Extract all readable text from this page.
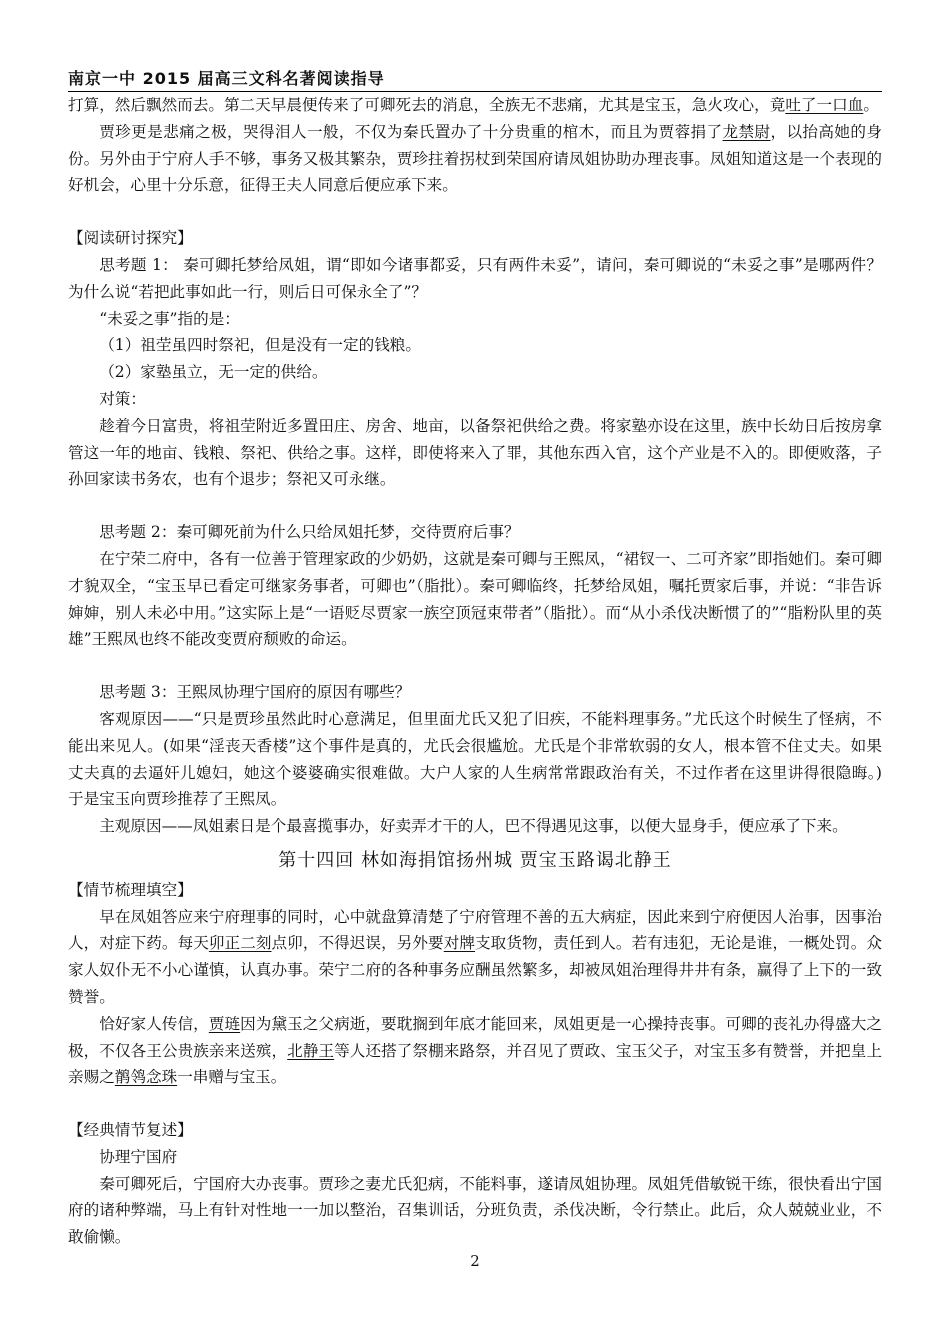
南京一中 2015 届高三文科名著阅读指导

打算，然后飘然而去。第二天早晨便传来了可卿死去的消息，全族无不悲痛，尤其是宝玉，急火攻心，竟吐了一口血。

贾珍更是悲痛之极，哭得泪人一般，不仅为秦氏置办了十分贵重的棺木，而且为贾蓉捐了龙禁尉，以抬高她的身份。另外由于宁府人手不够，事务又极其繁杂，贾珍拄着拐杖到荣国府请凤姐协助办理丧事。凤姐知道这是一个表现的好机会，心里十分乐意，征得王夫人同意后便应承下来。

【阅读研讨探究】

思考题 1： 秦可卿托梦给凤姐，谓“即如今诸事都妥，只有两件未妥”，请问，秦可卿说的“未妥之事”是哪两件？为什么说“若把此事如此一行，则后日可保永全了”？

“未妥之事”指的是：

（1）祖茔虽四时祭祀，但是没有一定的钱粮。

（2）家塾虽立，无一定的供给。

对策：

趁着今日富贵，将祖茔附近多置田庄、房舍、地亩，以备祭祀供给之费。将家塾亦设在这里，族中长幼日后按房拿管这一年的地亩、钱粮、祭祀、供给之事。这样，即使将来入了罪，其他东西入官，这个产业是不入的。即便败落，子孙回家读书务农，也有个退步；祭祀又可永继。

思考题 2：秦可卿死前为什么只给凤姐托梦，交待贾府后事？

在宁荣二府中，各有一位善于管理家政的少奶奶，这就是秦可卿与王熙凤，“裙钗一、二可齐家”即指她们。秦可卿才貌双全，“宝玉早已看定可继家务事者，可卿也”（脂批）。秦可卿临终，托梦给凤姐，嘱托贾家后事，并说：“非告诉婶婶，别人未必中用。”这实际上是“一语贬尽贾家一族空顶冠束带者”（脂批）。而“从小杀伐决断惯了的”“脂粉队里的英雄”王熙凤也终不能改变贾府颓败的命运。

思考题 3：王熙凤协理宁国府的原因有哪些？

客观原因——“只是贾珍虽然此时心意满足，但里面尤氏又犯了旧疾，不能料理事务。”尤氏这个时候生了怪病，不能出来见人。(如果“淫丧天香楼”这个事件是真的，尤氏会很尴尬。尤氏是个非常软弱的女人，根本管不住丈夫。如果丈夫真的去逼奸儿媳妇，她这个婆婆确实很难做。大户人家的人生病常常跟政治有关，不过作者在这里讲得很隐晦。) 于是宝玉向贾珍推荐了王熙凤。

主观原因——凤姐素日是个最喜揽事办，好卖弄才干的人，巴不得遇见这事，以便大显身手，便应承了下来。

第十四回 林如海捐馆扬州城 贾宝玉路谒北静王

【情节梳理填空】

早在凤姐答应来宁府理事的同时，心中就盘算清楚了宁府管理不善的五大病症，因此来到宁府便因人治事，因事治人，对症下药。每天卯正二刻点卯，不得迟误，另外要对牌支取货物，责任到人。若有违犯，无论是谁，一概处罚。众家人奴仆无不小心谨慎，认真办事。荣宁二府的各种事务应酬虽然繁多，却被凤姐治理得井井有条，赢得了上下的一致赞誉。

恰好家人传信，贾琏因为黛玉之父病逝，要耽搁到年底才能回来，凤姐更是一心操持丧事。可卿的丧礼办得盛大之极，不仅各王公贵族亲来送殡，北静王等人还搭了祭棚来路祭，并召见了贾政、宝玉父子，对宝玉多有赞誉，并把皇上亲赐之鹡鸰念珠一串赠与宝玉。

【经典情节复述】

协理宁国府

秦可卿死后，宁国府大办丧事。贾珍之妻尤氏犯病，不能料事，遂请凤姐协理。凤姐凭借敏锐干练，很快看出宁国府的诸种弊端，马上有针对性地一一加以整治，召集训话，分班负责，杀伐决断，令行禁止。此后，众人兢兢业业，不敢偷懒。

2
